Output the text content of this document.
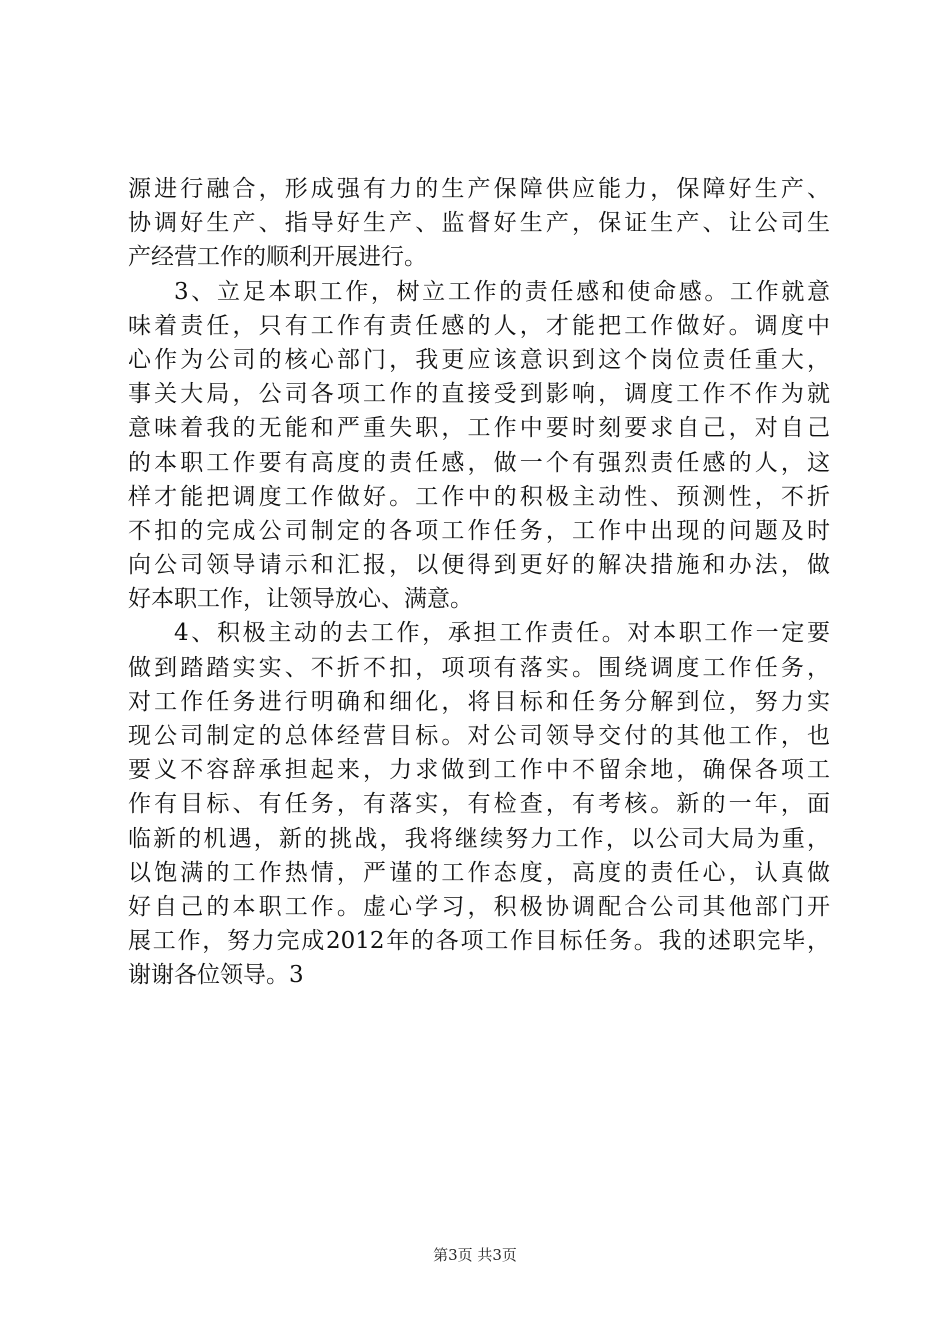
源进行融合，形成强有力的生产保障供应能力，保障好生产、
协调好生产、指导好生产、监督好生产，保证生产、让公司生
产经营工作的顺利开展进行。
3、立足本职工作，树立工作的责任感和使命感。工作就意
味着责任，只有工作有责任感的人，才能把工作做好。调度中
心作为公司的核心部门，我更应该意识到这个岗位责任重大，
事关大局，公司各项工作的直接受到影响，调度工作不作为就
意味着我的无能和严重失职，工作中要时刻要求自己，对自己
的本职工作要有高度的责任感，做一个有强烈责任感的人，这
样才能把调度工作做好。工作中的积极主动性、预测性，不折
不扣的完成公司制定的各项工作任务，工作中出现的问题及时
向公司领导请示和汇报，以便得到更好的解决措施和办法，做
好本职工作，让领导放心、满意。
4、积极主动的去工作，承担工作责任。对本职工作一定要
做到踏踏实实、不折不扣，项项有落实。围绕调度工作任务，
对工作任务进行明确和细化，将目标和任务分解到位，努力实
现公司制定的总体经营目标。对公司领导交付的其他工作，也
要义不容辞承担起来，力求做到工作中不留余地，确保各项工
作有目标、有任务，有落实，有检查，有考核。新的一年，面
临新的机遇，新的挑战，我将继续努力工作，以公司大局为重，
以饱满的工作热情，严谨的工作态度，高度的责任心，认真做
好自己的本职工作。虚心学习，积极协调配合公司其他部门开
展工作，努力完成2012年的各项工作目标任务。我的述职完毕，
谢谢各位领导。3
第3页 共3页
